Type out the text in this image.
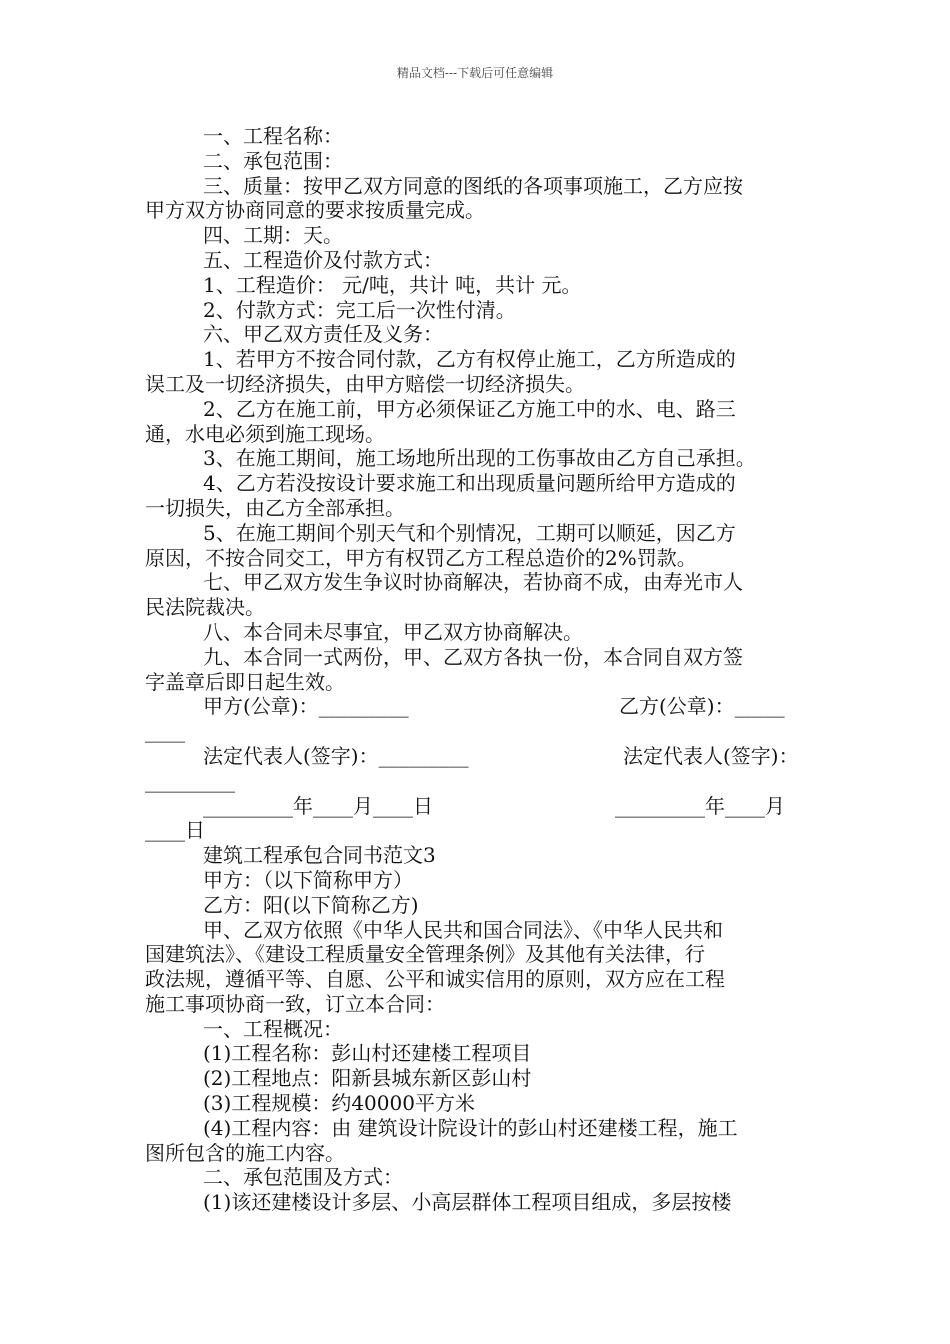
精品文档---下载后可任意编辑
一、工程名称：
二、承包范围：
三、质量：按甲乙双方同意的图纸的各项事项施工，乙方应按
甲方双方协商同意的要求按质量完成。
四、工期：天。
五、工程造价及付款方式：
1、工程造价： 元/吨，共计 吨，共计 元。
2、付款方式：完工后一次性付清。
六、甲乙双方责任及义务：
1、若甲方不按合同付款，乙方有权停止施工，乙方所造成的
误工及一切经济损失，由甲方赔偿一切经济损失。
2、乙方在施工前，甲方必须保证乙方施工中的水、电、路三
通，水电必须到施工现场。
3、在施工期间，施工场地所出现的工伤事故由乙方自己承担。
4、乙方若没按设计要求施工和出现质量问题所给甲方造成的
一切损失，由乙方全部承担。
5、在施工期间个别天气和个别情况，工期可以顺延，因乙方
原因，不按合同交工，甲方有权罚乙方工程总造价的2%罚款。
七、甲乙双方发生争议时协商解决，若协商不成，由寿光市人
民法院裁决。
八、本合同未尽事宜，甲乙双方协商解决。
九、本合同一式两份，甲、乙双方各执一份，本合同自双方签
字盖章后即日起生效。
甲方(公章)：_________	乙方(公章)：_____
____
法定代表人(签字)：_________	法定代表人(签字)：
_________
_________年____月____日	_________年____月
____日
建筑工程承包合同书范文3
甲方：（以下简称甲方）
乙方：阳(以下简称乙方)
甲、乙双方依照《中华人民共和国合同法》、《中华人民共和
国建筑法》、《建设工程质量安全管理条例》及其他有关法律，行
政法规，遵循平等、自愿、公平和诚实信用的原则，双方应在工程
施工事项协商一致，订立本合同：
一、工程概况：
(1)工程名称：彭山村还建楼工程项目
(2)工程地点：阳新县城东新区彭山村
(3)工程规模：约40000平方米
(4)工程内容：由 建筑设计院设计的彭山村还建楼工程，施工
图所包含的施工内容。
二、承包范围及方式：
(1)该还建楼设计多层、小高层群体工程项目组成，多层按楼
